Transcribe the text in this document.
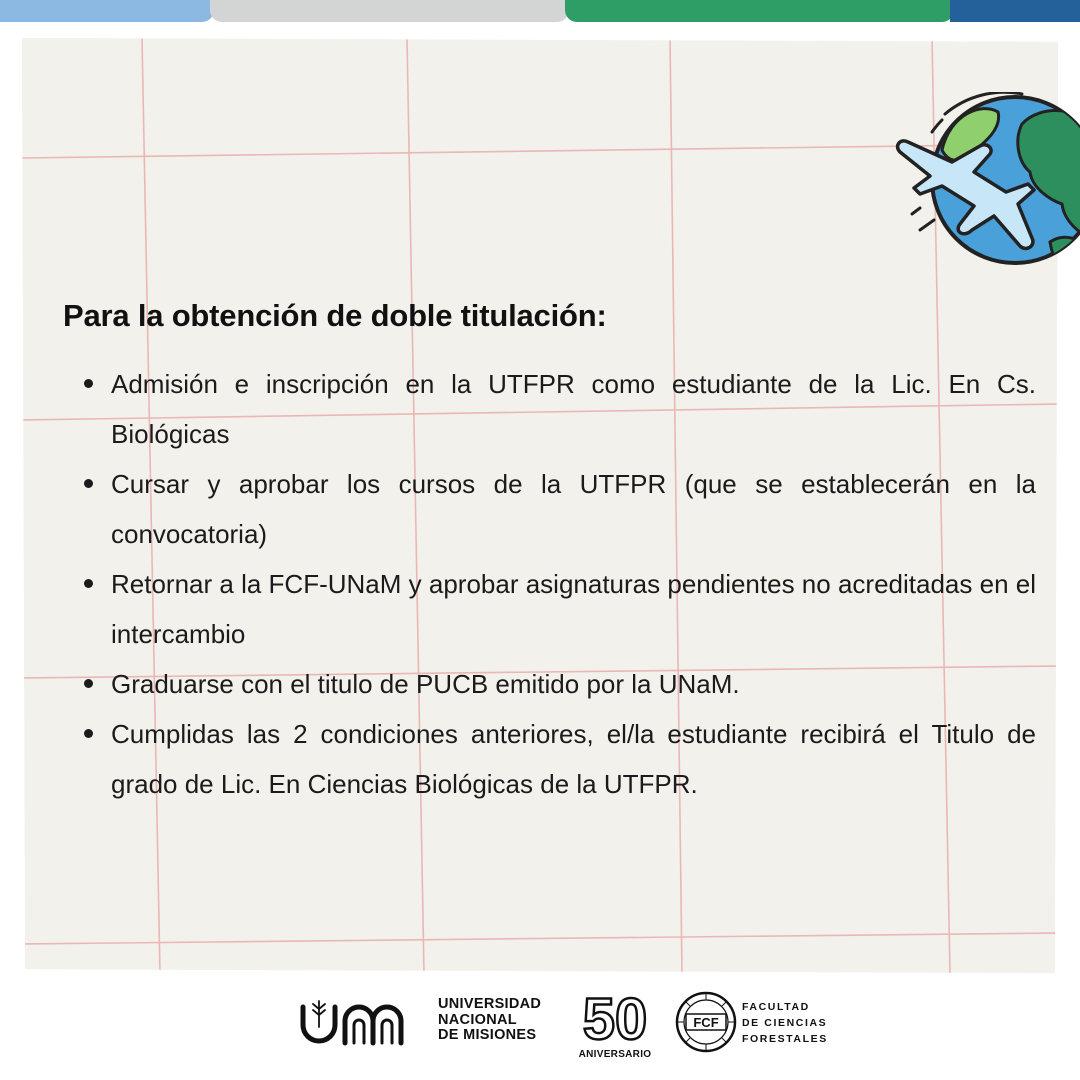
Para la obtención de doble titulación:
Admisión e inscripción en la UTFPR como estudiante de la Lic. En Cs. Biológicas
Cursar y aprobar los cursos de la UTFPR (que se establecerán en la convocatoria)
Retornar a la FCF-UNaM y aprobar asignaturas pendientes no acreditadas en el intercambio
Graduarse con el titulo de PUCB emitido por la UNaM.
Cumplidas las 2 condiciones anteriores, el/la estudiante recibirá el Titulo de grado de Lic. En Ciencias Biológicas de la UTFPR.
UNIVERSIDAD
NACIONAL
DE MISIONES 50
ANIVERSARIO
FCF
FACULTAD
DE CIENCIAS
FORESTALES
